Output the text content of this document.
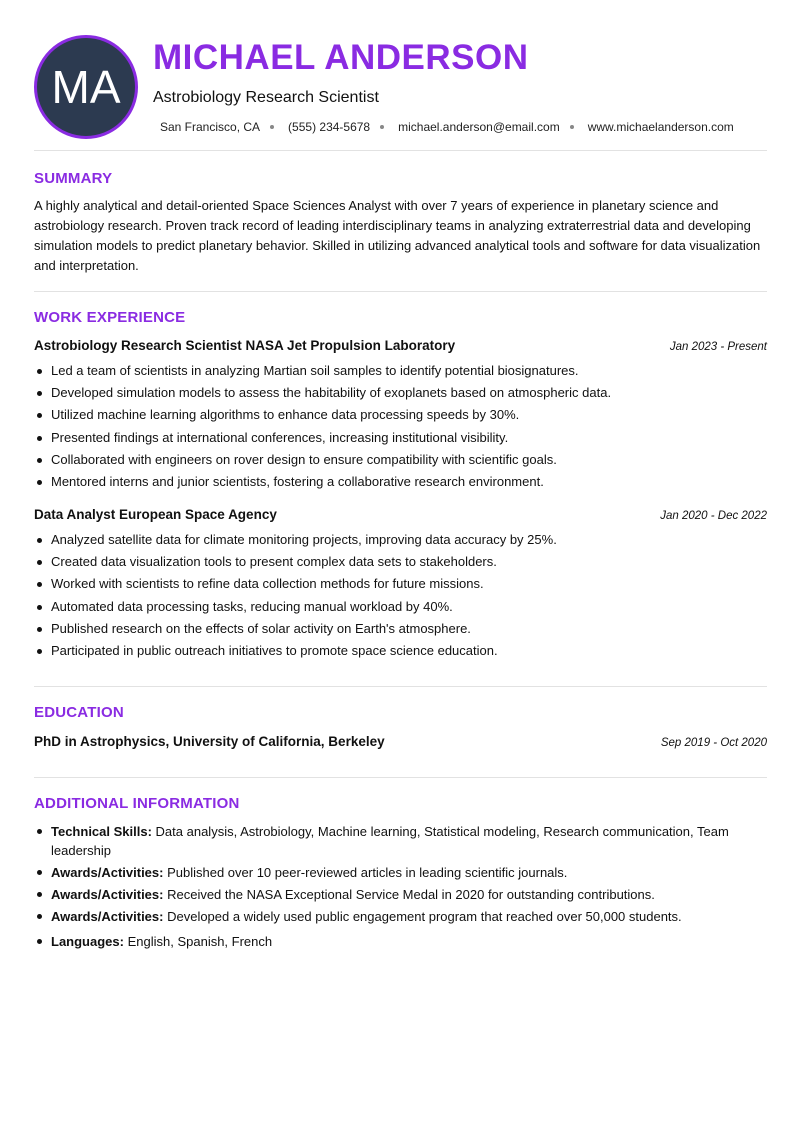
MA
MICHAEL ANDERSON
Astrobiology Research Scientist
San Francisco, CA (555) 234-5678 michael.anderson@email.com www.michaelanderson.com
SUMMARY

A highly analytical and detail-oriented Space Sciences Analyst with over 7 years of experience in planetary science and astrobiology research. Proven track record of leading interdisciplinary teams in analyzing extraterrestrial data and developing simulation models to predict planetary behavior. Skilled in utilizing advanced analytical tools and software for data visualization and interpretation.

WORK EXPERIENCE
Astrobiology Research Scientist NASA Jet Propulsion Laboratory	Jan 2023 - Present
Led a team of scientists in analyzing Martian soil samples to identify potential biosignatures.
Developed simulation models to assess the habitability of exoplanets based on atmospheric data.
Utilized machine learning algorithms to enhance data processing speeds by 30%.
Presented findings at international conferences, increasing institutional visibility.
Collaborated with engineers on rover design to ensure compatibility with scientific goals.
Mentored interns and junior scientists, fostering a collaborative research environment.
Data Analyst European Space Agency	Jan 2020 - Dec 2022
Analyzed satellite data for climate monitoring projects, improving data accuracy by 25%.
Created data visualization tools to present complex data sets to stakeholders.
Worked with scientists to refine data collection methods for future missions.
Automated data processing tasks, reducing manual workload by 40%.
Published research on the effects of solar activity on Earth's atmosphere.
Participated in public outreach initiatives to promote space science education.
EDUCATION
PhD in Astrophysics, University of California, Berkeley	Sep 2019 - Oct 2020
ADDITIONAL INFORMATION
Technical Skills: Data analysis, Astrobiology, Machine learning, Statistical modeling, Research communication, Team leadership
Awards/Activities: Published over 10 peer-reviewed articles in leading scientific journals.
Awards/Activities: Received the NASA Exceptional Service Medal in 2020 for outstanding contributions.
Awards/Activities: Developed a widely used public engagement program that reached over 50,000 students.
Languages: English, Spanish, French
